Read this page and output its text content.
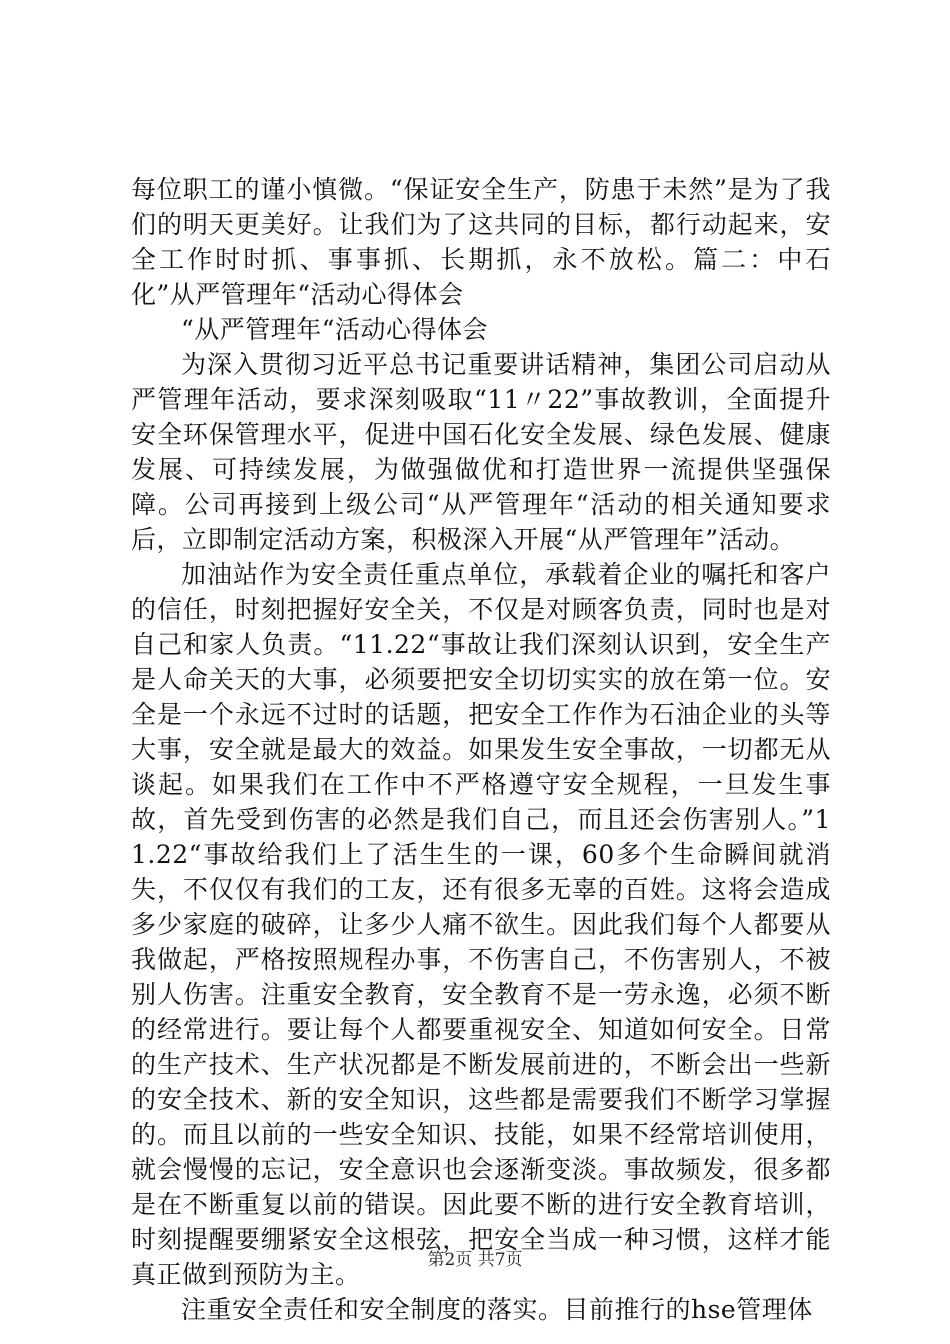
每位职工的谨小慎微。“保证安全生产，防患于未然”是为了我们的明天更美好。让我们为了这共同的目标，都行动起来，安全工作时时抓、事事抓、长期抓，永不放松。篇二：中石化”从严管理年“活动心得体会

“从严管理年“活动心得体会

为深入贯彻习近平总书记重要讲话精神，集团公司启动从严管理年活动，要求深刻吸取“11〃22”事故教训，全面提升安全环保管理水平，促进中国石化安全发展、绿色发展、健康发展、可持续发展，为做强做优和打造世界一流提供坚强保障。公司再接到上级公司“从严管理年“活动的相关通知要求后，立即制定活动方案，积极深入开展“从严管理年”活动。

加油站作为安全责任重点单位，承载着企业的嘱托和客户的信任，时刻把握好安全关，不仅是对顾客负责，同时也是对自己和家人负责。“11.22“事故让我们深刻认识到，安全生产是人命关天的大事，必须要把安全切切实实的放在第一位。安全是一个永远不过时的话题，把安全工作作为石油企业的头等大事，安全就是最大的效益。如果发生安全事故，一切都无从谈起。如果我们在工作中不严格遵守安全规程，一旦发生事故，首先受到伤害的必然是我们自己，而且还会伤害别人。”11.22“事故给我们上了活生生的一课，60多个生命瞬间就消失，不仅仅有我们的工友，还有很多无辜的百姓。这将会造成多少家庭的破碎，让多少人痛不欲生。因此我们每个人都要从我做起，严格按照规程办事，不伤害自己，不伤害别人，不被别人伤害。注重安全教育，安全教育不是一劳永逸，必须不断的经常进行。要让每个人都要重视安全、知道如何安全。日常的生产技术、生产状况都是不断发展前进的，不断会出一些新的安全技术、新的安全知识，这些都是需要我们不断学习掌握的。而且以前的一些安全知识、技能，如果不经常培训使用，就会慢慢的忘记，安全意识也会逐渐变淡。事故频发，很多都是在不断重复以前的错误。因此要不断的进行安全教育培训，时刻提醒要绷紧安全这根弦，把安全当成一种习惯，这样才能真正做到预防为主。

注重安全责任和安全制度的落实。目前推行的hse管理体

第2页 共7页
